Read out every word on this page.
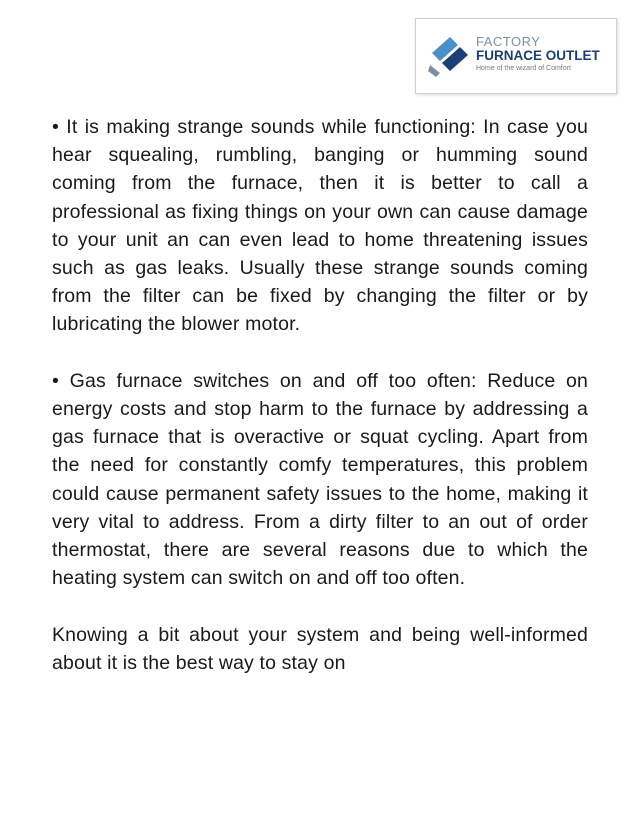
FACTORY
FURNACE OUTLET
Home of the wizard of Comfort

• It is making strange sounds while functioning: In case you hear squealing, rumbling, banging or humming sound coming from the furnace, then it is better to call a professional as fixing things on your own can cause damage to your unit an can even lead to home threatening issues such as gas leaks. Usually these strange sounds coming from the filter can be fixed by changing the filter or by lubricating the blower motor.

• Gas furnace switches on and off too often: Reduce on energy costs and stop harm to the furnace by addressing a gas furnace that is overactive or squat cycling. Apart from the need for constantly comfy temperatures, this problem could cause permanent safety issues to the home, making it very vital to address. From a dirty filter to an out of order thermostat, there are several reasons due to which the heating system can switch on and off too often.

Knowing a bit about your system and being well-informed about it is the best way to stay on
